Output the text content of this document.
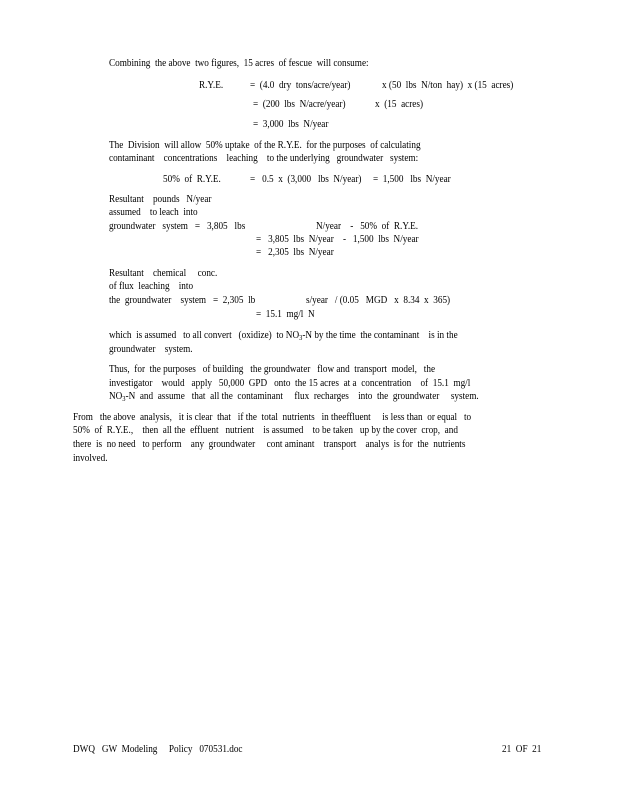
Combining  the above  two figures,  15 acres  of fescue  will consume:
R.Y.E.	=  (4.0  dry  tons/acre/year)	x (50  lbs  N/ton  hay)  x (15  acres)
=  (200  lbs  N/acre/year)	x  (15  acres)
=  3,000  lbs  N/year
The  Division  will allow  50% uptake  of the R.Y.E.  for the purposes  of calculating
contaminant    concentrations    leaching    to the underlying   groundwater   system:
50%  of  R.Y.E.	=   0.5  x  (3,000   lbs  N/year)     =  1,500   lbs  N/year
Resultant    pounds   N/year
assumed    to leach  into
groundwater   system   =   3,805   lbs	N/year    -   50%  of  R.Y.E.
=   3,805  lbs  N/year    -   1,500  lbs  N/year
=   2,305  lbs  N/year
Resultant    chemical     conc.
of flux  leaching    into
the  groundwater    system   =  2,305  lb	s/year   / (0.05   MGD   x  8.34  x  365)
=  15.1  mg/l  N
which  is assumed   to all convert   (oxidize)  to $NO_3-N$ by the time  the contaminant    is in the
groundwater    system.
Thus,  for  the purposes   of building   the groundwater   flow and  transport  model,   the
investigator    would   apply   50,000  GPD   onto  the 15 acres  at a  concentration    of  15.1  mg/l
$NO_3-N$  and  assume   that  all the  contaminant     flux  recharges    into  the  groundwater     system.
From   the above  analysis,   it is clear  that   if the  total  nutrients   in theeffluent     is less than  or equal   to
50%  of  R.Y.E.,    then  all the  effluent   nutrient    is assumed    to be taken   up by the cover  crop,  and
there  is  no need   to perform    any  groundwater     cont aminant    transport    analys  is for  the  nutrients
involved.
DWQ   GW  Modeling     Policy   070531.doc	21  OF  21
